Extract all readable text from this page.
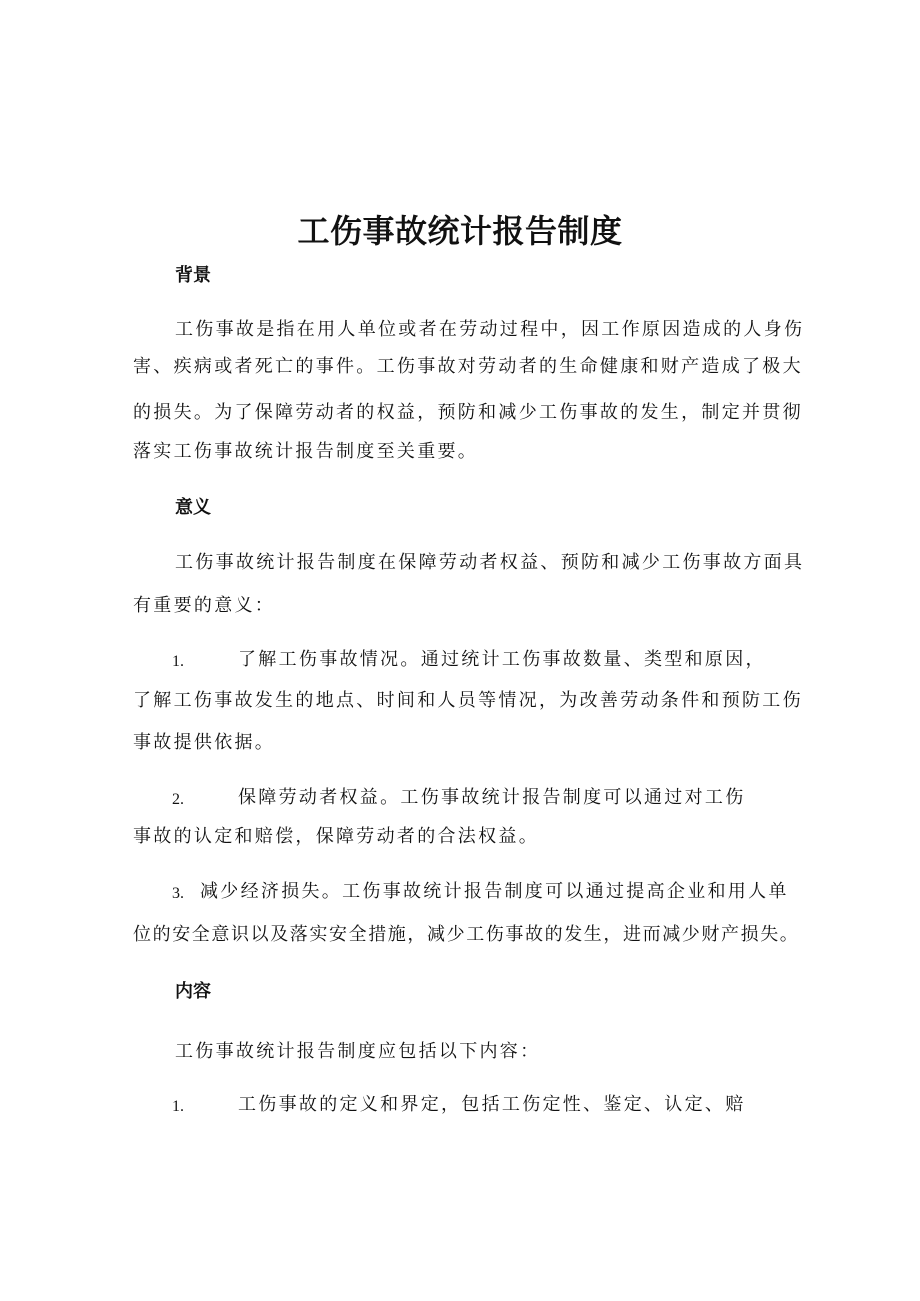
工伤事故统计报告制度
背景
工伤事故是指在用人单位或者在劳动过程中，因工作原因造成的人身伤
害、疾病或者死亡的事件。工伤事故对劳动者的生命健康和财产造成了极大
的损失。为了保障劳动者的权益，预防和减少工伤事故的发生，制定并贯彻
落实工伤事故统计报告制度至关重要。
意义
工伤事故统计报告制度在保障劳动者权益、预防和减少工伤事故方面具
有重要的意义：
1.	了解工伤事故情况。通过统计工伤事故数量、类型和原因，
了解工伤事故发生的地点、时间和人员等情况，为改善劳动条件和预防工伤
事故提供依据。
2.	保障劳动者权益。工伤事故统计报告制度可以通过对工伤
事故的认定和赔偿，保障劳动者的合法权益。
3. 减少经济损失。工伤事故统计报告制度可以通过提高企业和用人单
位的安全意识以及落实安全措施，减少工伤事故的发生，进而减少财产损失。
内容
工伤事故统计报告制度应包括以下内容：
1.	工伤事故的定义和界定，包括工伤定性、鉴定、认定、赔
